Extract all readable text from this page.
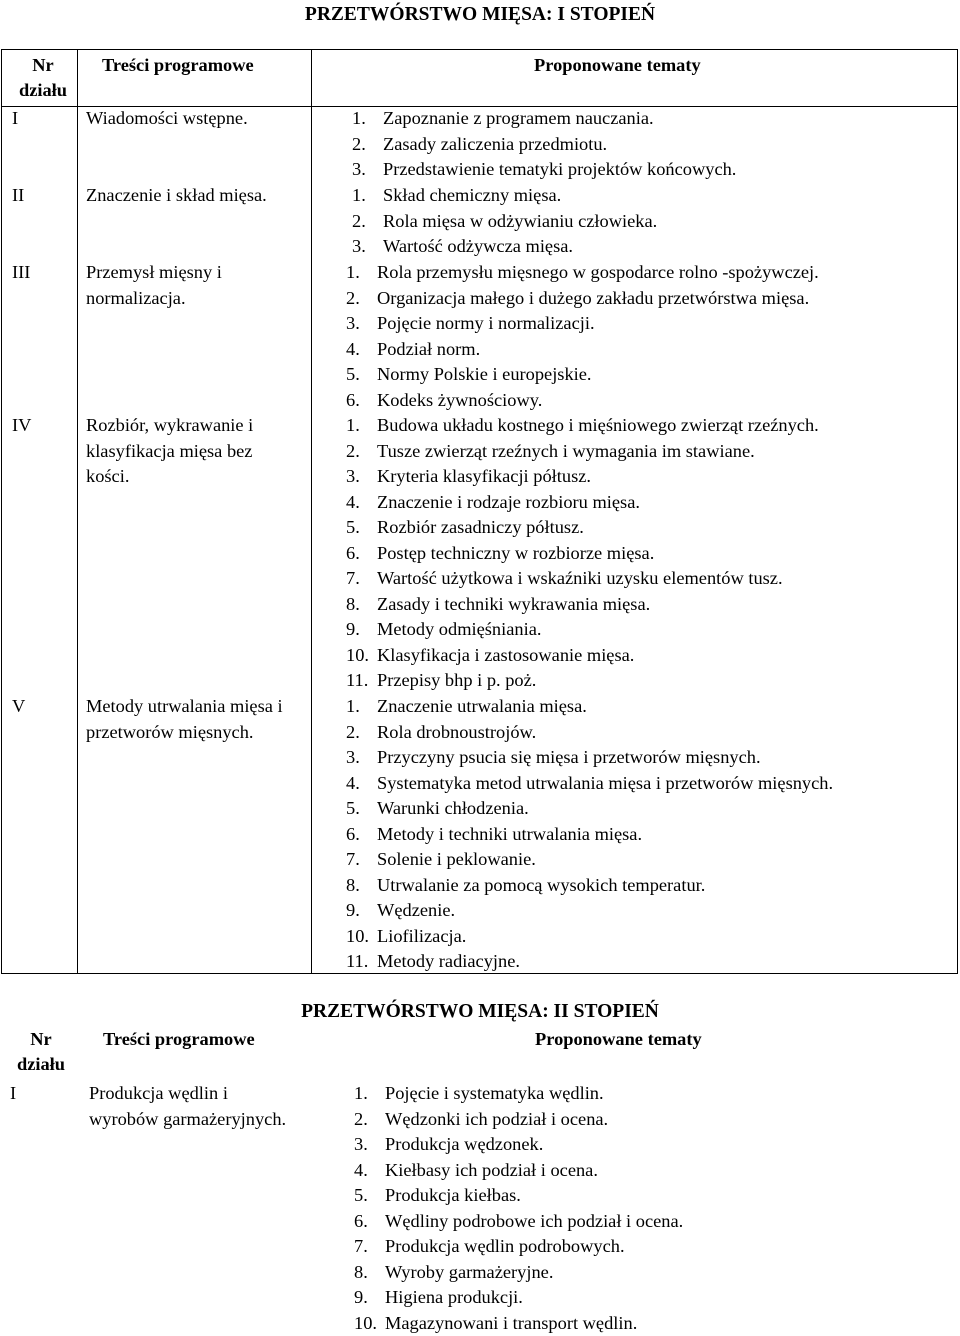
PRZETWÓRSTWO MIĘSA: I STOPIEŃ
Nr działu
Treści programowe	Proponowane tematy
I	Wiadomości wstępne.	1. Zapoznanie z programem nauczania.
2. Zasady zaliczenia przedmiotu.
3. Przedstawienie tematyki projektów końcowych.
II	Znaczenie i skład mięsa.	1. Skład chemiczny mięsa.
2. Rola mięsa w odżywianiu człowieka.
3. Wartość odżywcza mięsa.
III	Przemysł mięsny i normalizacja.
1. Rola przemysłu mięsnego w gospodarce rolno -spożywczej.
2. Organizacja małego i dużego zakładu przetwórstwa mięsa.
3. Pojęcie normy i normalizacji.
4. Podział norm.
5. Normy Polskie i europejskie.
6. Kodeks żywnościowy.
IV	Rozbiór, wykrawanie i klasyfikacja mięsa bez kości.
1. Budowa układu kostnego i mięśniowego zwierząt rzeźnych.
2. Tusze zwierząt rzeźnych i wymagania im stawiane.
3. Kryteria klasyfikacji półtusz.
4. Znaczenie i rodzaje rozbioru mięsa.
5. Rozbiór zasadniczy półtusz.
6. Postęp techniczny w rozbiorze mięsa.
7. Wartość użytkowa i wskaźniki uzysku elementów tusz.
8. Zasady i techniki wykrawania mięsa.
9. Metody odmięśniania.
10. Klasyfikacja i zastosowanie mięsa.
11. Przepisy bhp i p. poż.
V	Metody utrwalania mięsa i przetworów mięsnych.
1. Znaczenie utrwalania mięsa.
2. Rola drobnoustrojów.
3. Przyczyny psucia się mięsa i przetworów mięsnych.
4. Systematyka metod utrwalania mięsa i przetworów mięsnych.
5. Warunki chłodzenia.
6. Metody i techniki utrwalania mięsa.
7. Solenie i peklowanie.
8. Utrwalanie za pomocą wysokich temperatur.
9. Wędzenie.
10. Liofilizacja.
11. Metody radiacyjne.
PRZETWÓRSTWO MIĘSA: II STOPIEŃ
Nr działu
Treści programowe	Proponowane tematy
I	Produkcja wędlin i wyrobów garmażeryjnych.
1. Pojęcie i systematyka wędlin.
2. Wędzonki ich podział i ocena.
3. Produkcja wędzonek.
4. Kiełbasy ich podział i ocena.
5. Produkcja kiełbas.
6. Wędliny podrobowe ich podział i ocena.
7. Produkcja wędlin podrobowych.
8. Wyroby garmażeryjne.
9. Higiena produkcji.
10. Magazynowani i transport wędlin.
